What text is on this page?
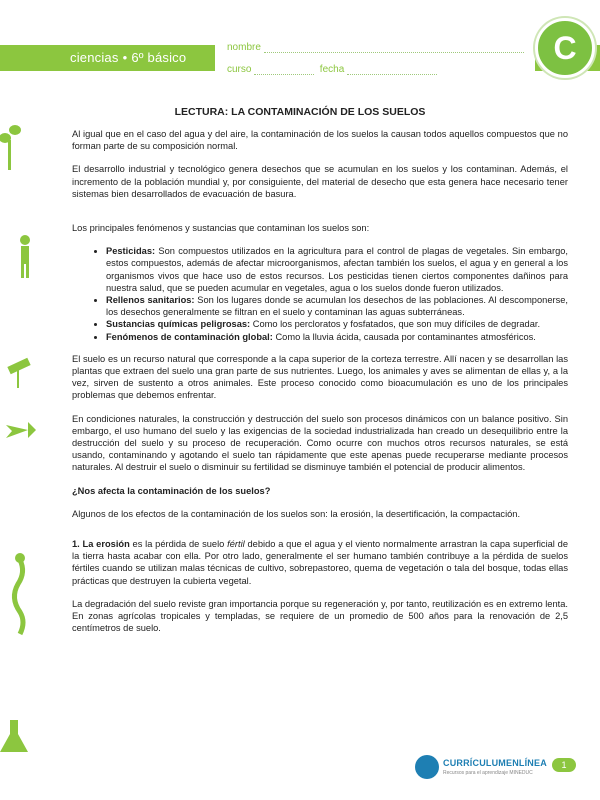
ciencias • 6º básico
nombre
curso	fecha
C
LECTURA: LA CONTAMINACIÓN DE LOS SUELOS

Al igual que en el caso del agua y del aire, la contaminación de los suelos la causan todos aquellos compuestos que no forman parte de su composición normal.

El desarrollo industrial y tecnológico genera desechos que se acumulan en los suelos y los contaminan. Además, el incremento de la población mundial y, por consiguiente, del material de desecho que esta genera hace necesario tener sistemas bien desarrollados de evacuación de basura.

Los principales fenómenos y sustancias que contaminan los suelos son:

• Pesticidas: Son compuestos utilizados en la agricultura para el control de plagas de vegetales. Sin embargo, estos compuestos, además de afectar microorganismos, afectan también los suelos, el agua y en general a los organismos vivos que hace uso de estos recursos. Los pesticidas tienen ciertos componentes dañinos para nuestra salud, que se pueden acumular en vegetales, agua o los suelos donde fueron utilizados.
• Rellenos sanitarios: Son los lugares donde se acumulan los desechos de las poblaciones. Al descomponerse, los desechos generalmente se filtran en el suelo y contaminan las aguas subterráneas.
• Sustancias químicas peligrosas: Como los percloratos y fosfatados, que son muy difíciles de degradar.
• Fenómenos de contaminación global: Como la lluvia ácida, causada por contaminantes atmosféricos.

El suelo es un recurso natural que corresponde a la capa superior de la corteza terrestre. Allí nacen y se desarrollan las plantas que extraen del suelo una gran parte de sus nutrientes. Luego, los animales y aves se alimentan de ellas y, a la vez, sirven de sustento a otros animales. Este proceso conocido como bioacumulación es uno de los principales problemas que debemos enfrentar.

En condiciones naturales, la construcción y destrucción del suelo son procesos dinámicos con un balance positivo. Sin embargo, el uso humano del suelo y las exigencias de la sociedad industrializada han creado un desequilibrio entre la destrucción del suelo y su proceso de recuperación. Como ocurre con muchos otros recursos naturales, se está usando, contaminando y agotando el suelo tan rápidamente que este apenas puede recuperarse mediante procesos naturales. Al destruir el suelo o disminuir su fertilidad se disminuye también el potencial de producir alimentos.

¿Nos afecta la contaminación de los suelos?

Algunos de los efectos de la contaminación de los suelos son: la erosión, la desertificación, la compactación.

1. La erosión es la pérdida de suelo fértil debido a que el agua y el viento normalmente arrastran la capa superficial de la tierra hasta acabar con ella. Por otro lado, generalmente el ser humano también contribuye a la pérdida de suelos fértiles cuando se utilizan malas técnicas de cultivo, sobrepastoreo, quema de vegetación o tala del bosque, todas ellas prácticas que destruyen la cubierta vegetal.

La degradación del suelo reviste gran importancia porque su regeneración y, por tanto, reutilización es en extremo lenta. En zonas agrícolas tropicales y templadas, se requiere de un promedio de 500 años para la renovación de 2,5 centímetros de suelo.

CURRÍCULUMENLÍNEA
Recursos para el aprendizaje MINEDUC
1
